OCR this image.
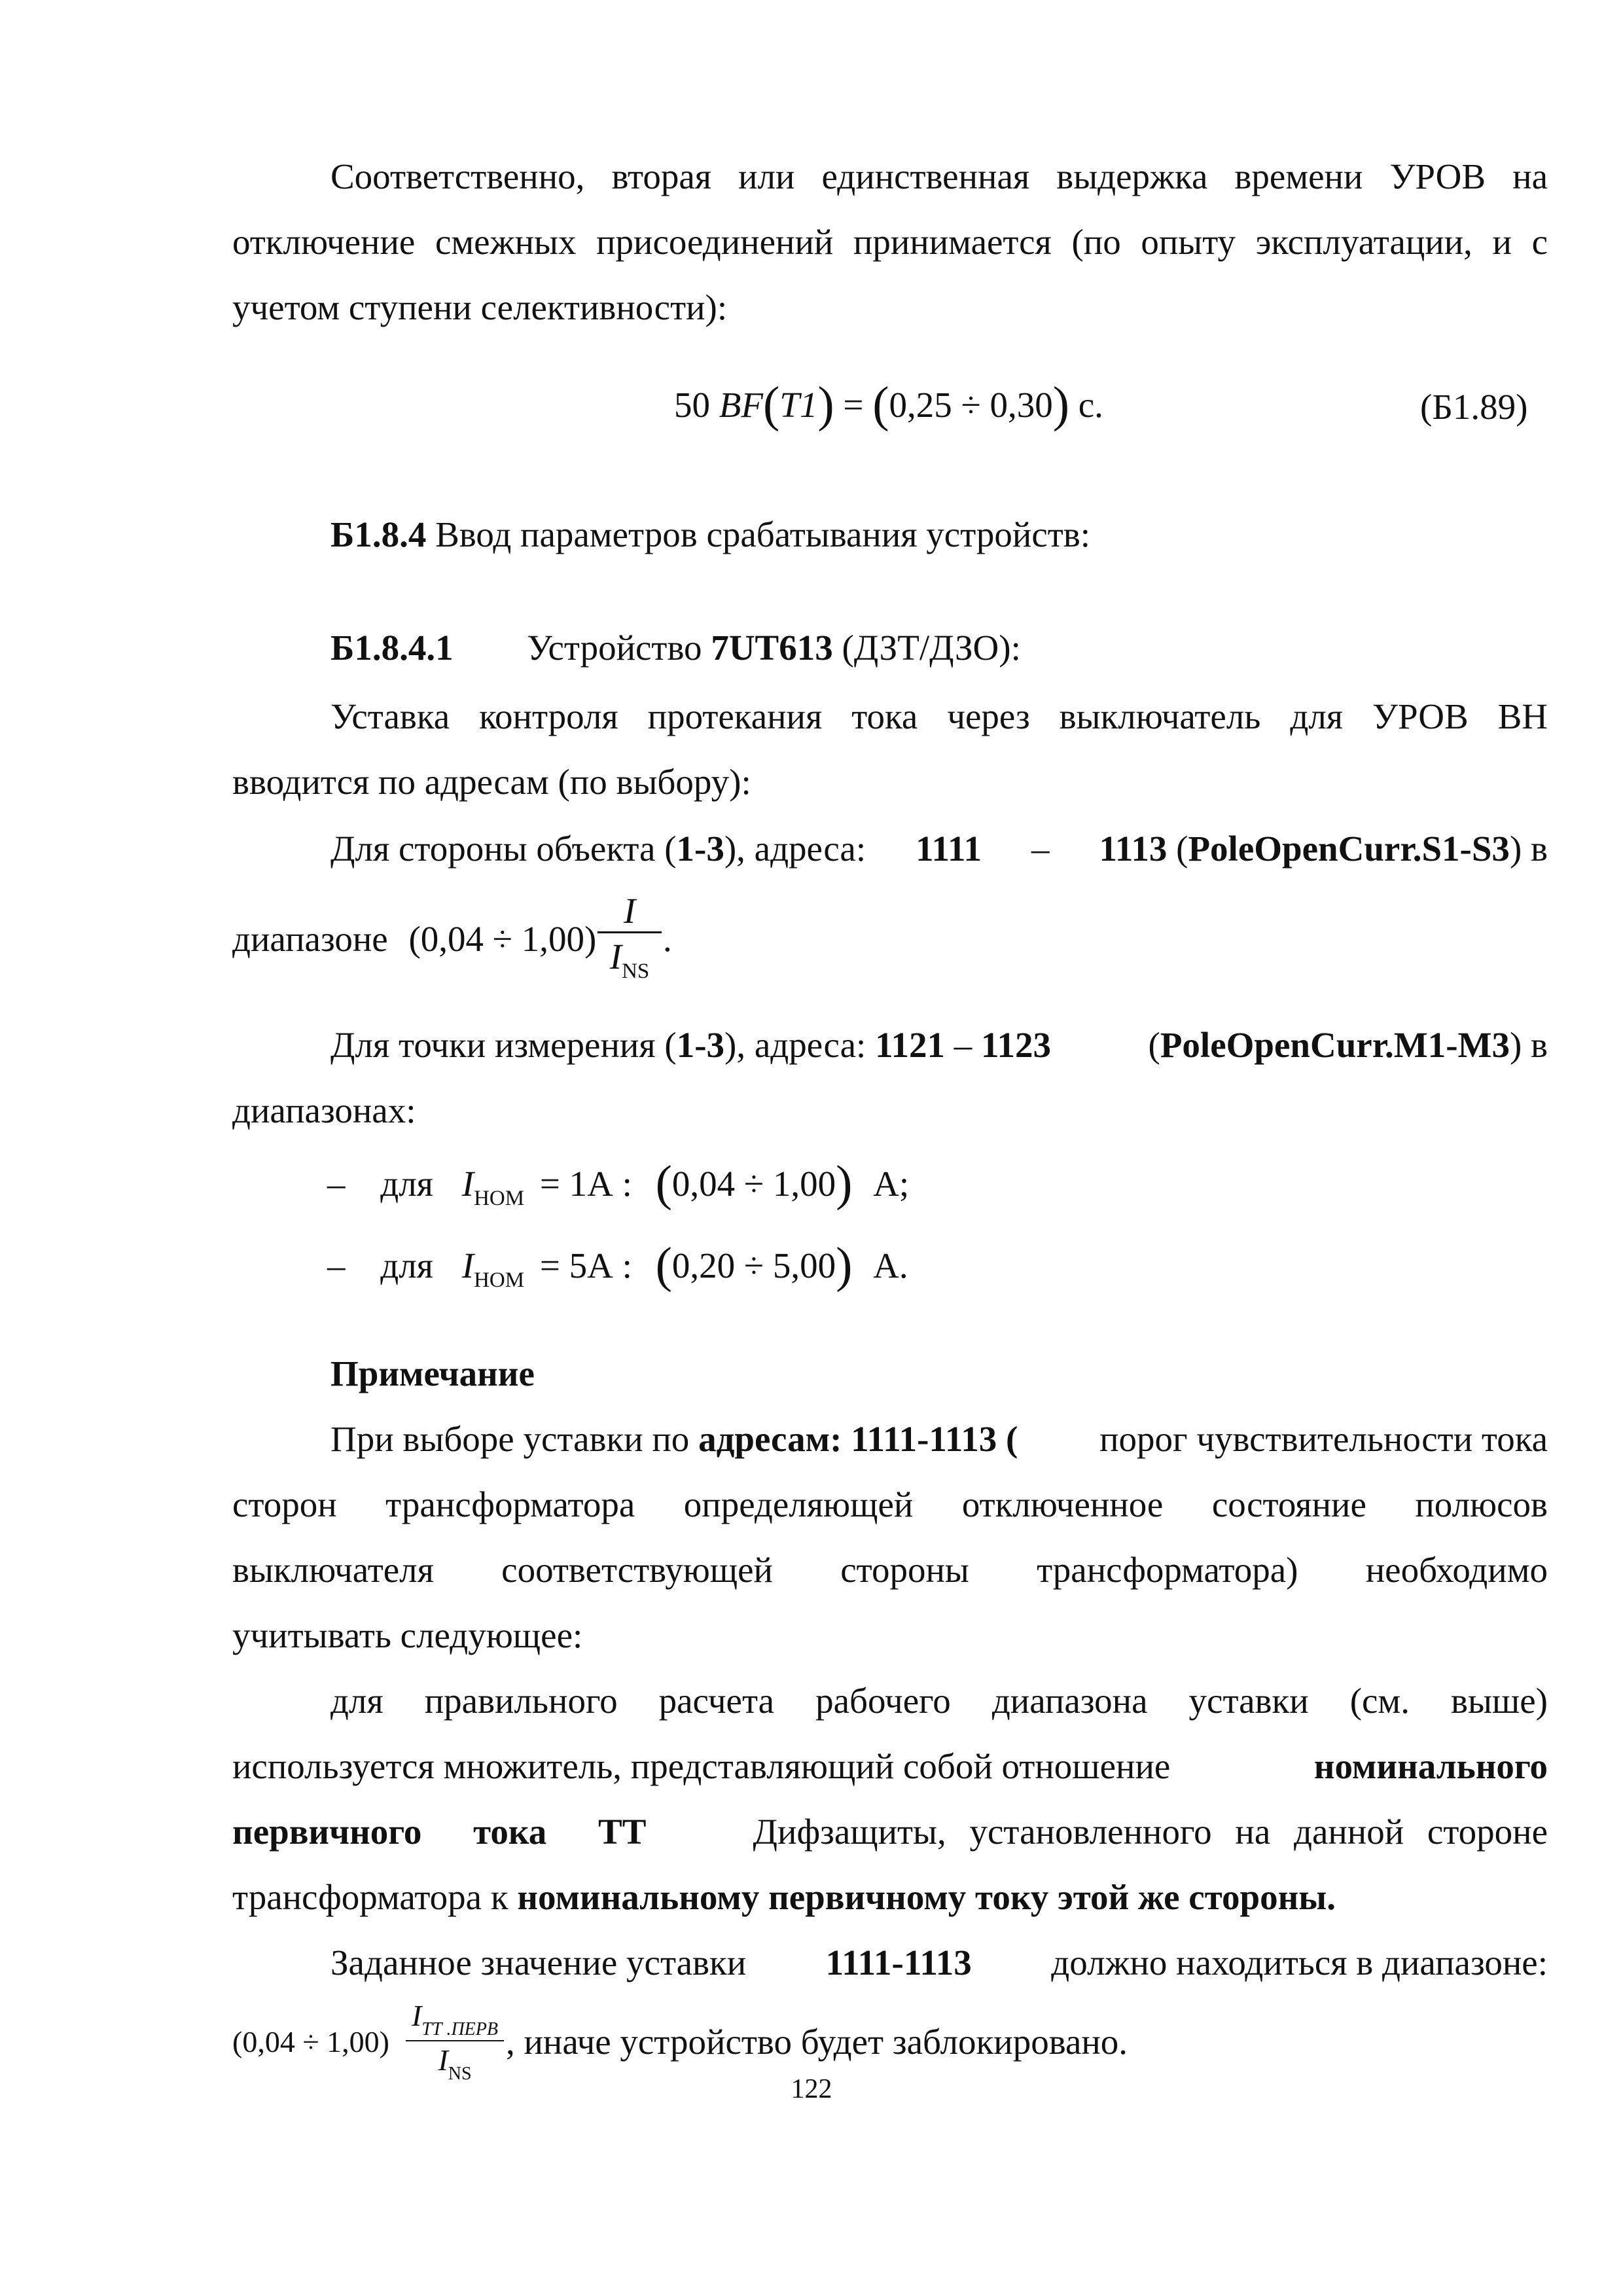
Соответственно, вторая или единственная выдержка времени УРОВ на
отключение смежных присоединений принимается (по опыту эксплуатации, и с
учетом ступени селективности):
50 BF(T1) = (0,25 ÷ 0,30) с.	(Б1.89)
Б1.8.4 Ввод параметров срабатывания устройств:
Б1.8.4.1 Устройство 7UT613 (ДЗТ/ДЗО):
Уставка контроля протекания тока через выключатель для УРОВ ВН
вводится по адресам (по выбору):
Для стороны объекта (1-3), адреса: 1111 – 1113 (PoleOpenCurr.S1-S3) в
диапазоне (0,04 ÷ 1,00)
I
$I_{NS}$
.
Для точки измерения (1-3), адреса: 1121 – 1123	(PoleOpenCurr.M1-M3) в
диапазонах:
– для $I_{НОМ} = 1А$ : (0,04 ÷ 1,00) А;
– для $I_{НОМ} = 5А$ : (0,20 ÷ 5,00) А.
Примечание
При выборе уставки по адресам: 1111-1113 ( порог чувствительности тока
сторон трансформатора определяющей отключенное состояние полюсов
выключателя соответствующей стороны трансформатора) необходимо
учитывать следующее:
для правильного расчета рабочего диапазона уставки (см. выше)
используется множитель, представляющий собой отношение	номинального
первичного тока ТТ	Дифзащиты, установленного на данной стороне
трансформатора к номинальному первичному току этой же стороны.
Заданное значение уставки 1111-1113 должно находиться в диапазоне:
(0,04 ÷ 1,00)
$I_{ТТ .ПЕРВ}$
$I_{NS}$
, иначе устройство будет заблокировано.
122
